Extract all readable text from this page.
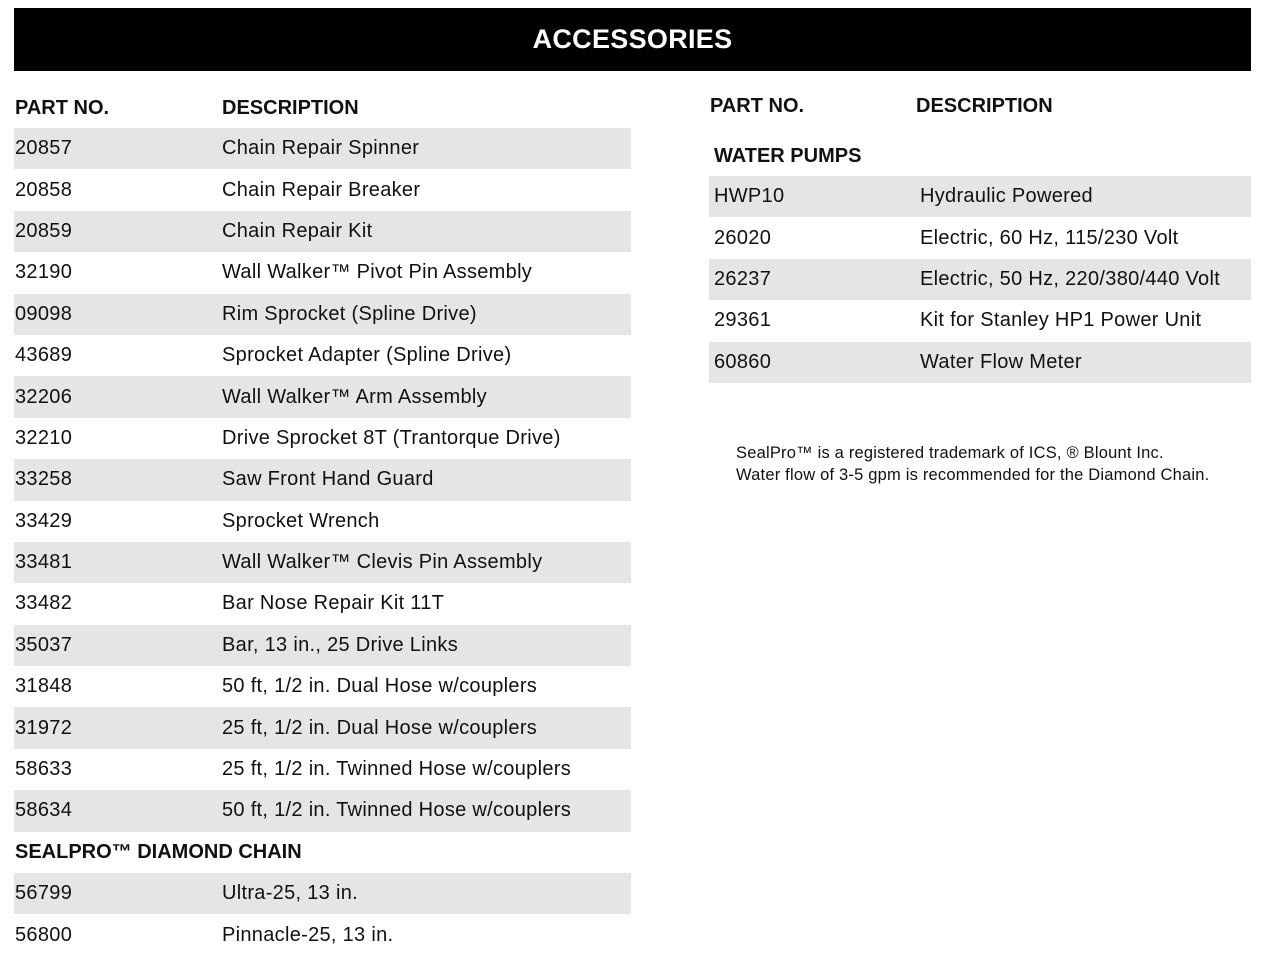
ACCESSORIES
PART NO.	DESCRIPTION
20857	Chain Repair Spinner
20858	Chain Repair Breaker
20859	Chain Repair Kit
32190	Wall Walker™ Pivot Pin Assembly
09098	Rim Sprocket (Spline Drive)
43689	Sprocket Adapter (Spline Drive)
32206	Wall Walker™ Arm Assembly
32210	Drive Sprocket 8T (Trantorque Drive)
33258	Saw Front Hand Guard
33429	Sprocket Wrench
33481	Wall Walker™ Clevis Pin Assembly
33482	Bar Nose Repair Kit 11T
35037	Bar, 13 in., 25 Drive Links
31848	50 ft, 1/2 in. Dual Hose w/couplers
31972	25 ft, 1/2 in. Dual Hose w/couplers
58633	25 ft, 1/2 in. Twinned Hose w/couplers
58634	50 ft, 1/2 in. Twinned Hose w/couplers
SEALPRO™ DIAMOND CHAIN
56799	Ultra-25, 13 in.
56800	Pinnacle-25, 13 in.
PART NO.	DESCRIPTION
WATER PUMPS
HWP10	Hydraulic Powered
26020	Electric, 60 Hz, 115/230 Volt
26237	Electric, 50 Hz, 220/380/440 Volt
29361	Kit for Stanley HP1 Power Unit
60860	Water Flow Meter
SealPro™ is a registered trademark of ICS, ® Blount Inc.
Water flow of 3-5 gpm is recommended for the Diamond Chain.
